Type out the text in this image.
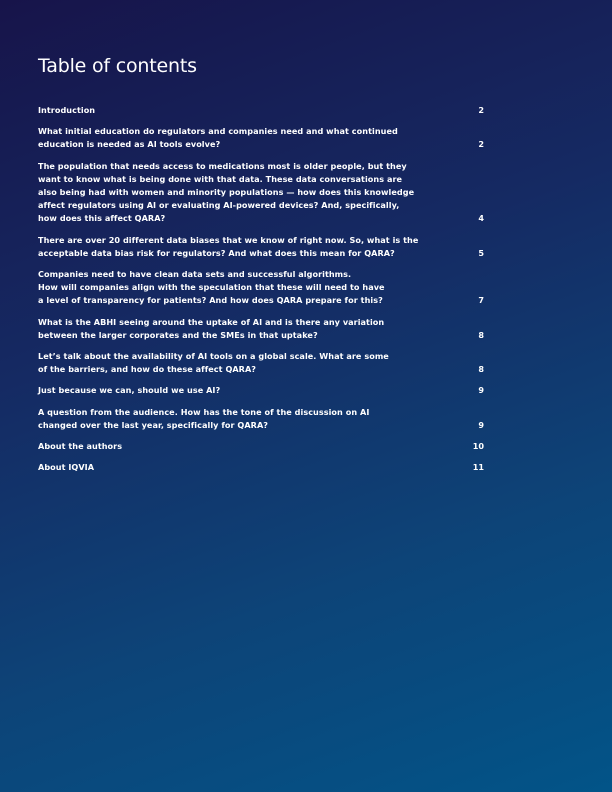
Table of contents
Introduction	2
What initial education do regulators and companies need and what continued
education is needed as AI tools evolve?	2
The population that needs access to medications most is older people, but they
want to know what is being done with that data. These data conversations are
also being had with women and minority populations — how does this knowledge
affect regulators using AI or evaluating AI-powered devices? And, specifically,
how does this affect QARA?	4
There are over 20 different data biases that we know of right now. So, what is the
acceptable data bias risk for regulators? And what does this mean for QARA?	5
Companies need to have clean data sets and successful algorithms.
How will companies align with the speculation that these will need to have
a level of transparency for patients? And how does QARA prepare for this?	7
What is the ABHI seeing around the uptake of AI and is there any variation
between the larger corporates and the SMEs in that uptake?	8
Let’s talk about the availability of AI tools on a global scale. What are some
of the barriers, and how do these affect QARA?	8
Just because we can, should we use AI?	9
A question from the audience. How has the tone of the discussion on AI
changed over the last year, specifically for QARA?	9
About the authors	10
About IQVIA	11
